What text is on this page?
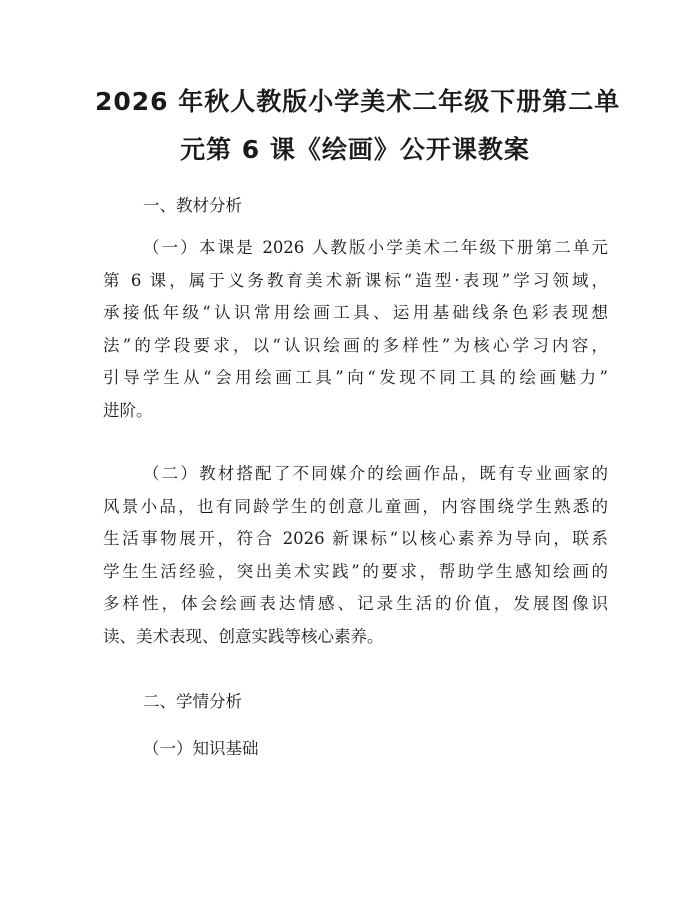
2026 年秋人教版小学美术二年级下册第二单
元第 6 课《绘画》公开课教案
一、教材分析
（一）本课是 2026 人教版小学美术二年级下册第二单元
第 6 课，属于义务教育美术新课标“造型·表现”学习领域，
承接低年级“认识常用绘画工具、运用基础线条色彩表现想
法”的学段要求，以“认识绘画的多样性”为核心学习内容，
引导学生从“会用绘画工具”向“发现不同工具的绘画魅力”
进阶。
（二）教材搭配了不同媒介的绘画作品，既有专业画家的
风景小品，也有同龄学生的创意儿童画，内容围绕学生熟悉的
生活事物展开，符合 2026 新课标“以核心素养为导向，联系
学生生活经验，突出美术实践”的要求，帮助学生感知绘画的
多样性，体会绘画表达情感、记录生活的价值，发展图像识
读、美术表现、创意实践等核心素养。
二、学情分析
（一）知识基础
